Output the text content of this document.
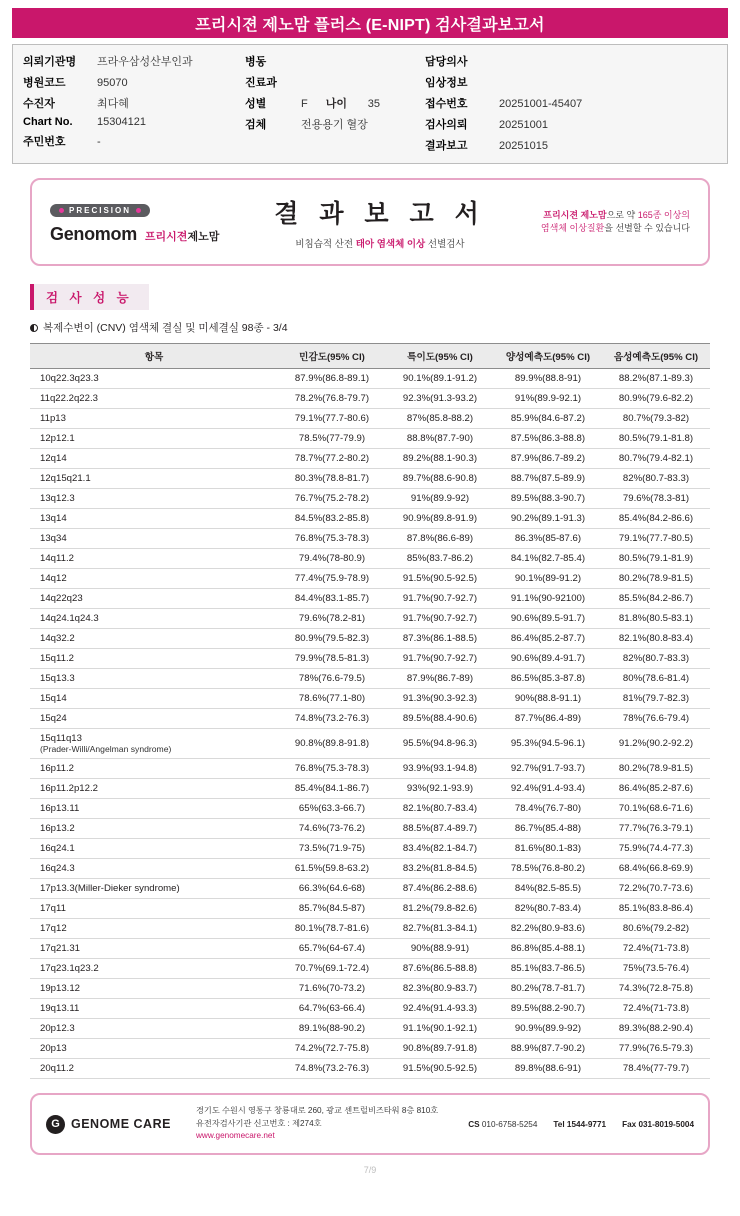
프리시젼 제노맘 플러스 (E-NIPT) 검사결과보고서
의뢰기관명	프라우삼성산부인과
병원코드	95070
수진자	최다혜
Chart No.	15304121
주민번호	-
병동
진료과
성별	F 나이	35
검체	전용용기 혈장
담당의사
임상정보
접수번호	20251001-45407
검사의뢰	20251001
결과보고	20251015
PRECISION
Genomom 프리시젼제노맘
결 과 보 고 서
비침습적 산전 태아 염색체 이상 선별검사
프리시젼 제노맘으로 약 165종 이상의
염색체 이상질환을 선별할 수 있습니다
검 사 성 능
복제수변이 (CNV) 염색체 결실 및 미세결실 98종 - 3/4
항목	민감도(95% CI)	특이도(95% CI)	양성예측도(95% CI)	음성예측도(95% CI)
10q22.3q23.3	87.9%(86.8-89.1)	90.1%(89.1-91.2)	89.9%(88.8-91)	88.2%(87.1-89.3)
11q22.2q22.3	78.2%(76.8-79.7)	92.3%(91.3-93.2)	91%(89.9-92.1)	80.9%(79.6-82.2)
11p13	79.1%(77.7-80.6)	87%(85.8-88.2)	85.9%(84.6-87.2)	80.7%(79.3-82)
12p12.1	78.5%(77-79.9)	88.8%(87.7-90)	87.5%(86.3-88.8)	80.5%(79.1-81.8)
12q14	78.7%(77.2-80.2)	89.2%(88.1-90.3)	87.9%(86.7-89.2)	80.7%(79.4-82.1)
12q15q21.1	80.3%(78.8-81.7)	89.7%(88.6-90.8)	88.7%(87.5-89.9)	82%(80.7-83.3)
13q12.3	76.7%(75.2-78.2)	91%(89.9-92)	89.5%(88.3-90.7)	79.6%(78.3-81)
13q14	84.5%(83.2-85.8)	90.9%(89.8-91.9)	90.2%(89.1-91.3)	85.4%(84.2-86.6)
13q34	76.8%(75.3-78.3)	87.8%(86.6-89)	86.3%(85-87.6)	79.1%(77.7-80.5)
14q11.2	79.4%(78-80.9)	85%(83.7-86.2)	84.1%(82.7-85.4)	80.5%(79.1-81.9)
14q12	77.4%(75.9-78.9)	91.5%(90.5-92.5)	90.1%(89-91.2)	80.2%(78.9-81.5)
14q22q23	84.4%(83.1-85.7)	91.7%(90.7-92.7)	91.1%(90-92100)	85.5%(84.2-86.7)
14q24.1q24.3	79.6%(78.2-81)	91.7%(90.7-92.7)	90.6%(89.5-91.7)	81.8%(80.5-83.1)
14q32.2	80.9%(79.5-82.3)	87.3%(86.1-88.5)	86.4%(85.2-87.7)	82.1%(80.8-83.4)
15q11.2	79.9%(78.5-81.3)	91.7%(90.7-92.7)	90.6%(89.4-91.7)	82%(80.7-83.3)
15q13.3	78%(76.6-79.5)	87.9%(86.7-89)	86.5%(85.3-87.8)	80%(78.6-81.4)
15q14	78.6%(77.1-80)	91.3%(90.3-92.3)	90%(88.8-91.1)	81%(79.7-82.3)
15q24	74.8%(73.2-76.3)	89.5%(88.4-90.6)	87.7%(86.4-89)	78%(76.6-79.4)
15q11q13
(Prader-Willi/Angelman syndrome)	90.8%(89.8-91.8)	95.5%(94.8-96.3)	95.3%(94.5-96.1)	91.2%(90.2-92.2)
16p11.2	76.8%(75.3-78.3)	93.9%(93.1-94.8)	92.7%(91.7-93.7)	80.2%(78.9-81.5)
16p11.2p12.2	85.4%(84.1-86.7)	93%(92.1-93.9)	92.4%(91.4-93.4)	86.4%(85.2-87.6)
16p13.11	65%(63.3-66.7)	82.1%(80.7-83.4)	78.4%(76.7-80)	70.1%(68.6-71.6)
16p13.2	74.6%(73-76.2)	88.5%(87.4-89.7)	86.7%(85.4-88)	77.7%(76.3-79.1)
16q24.1	73.5%(71.9-75)	83.4%(82.1-84.7)	81.6%(80.1-83)	75.9%(74.4-77.3)
16q24.3	61.5%(59.8-63.2)	83.2%(81.8-84.5)	78.5%(76.8-80.2)	68.4%(66.8-69.9)
17p13.3(Miller-Dieker syndrome)	66.3%(64.6-68)	87.4%(86.2-88.6)	84%(82.5-85.5)	72.2%(70.7-73.6)
17q11	85.7%(84.5-87)	81.2%(79.8-82.6)	82%(80.7-83.4)	85.1%(83.8-86.4)
17q12	80.1%(78.7-81.6)	82.7%(81.3-84.1)	82.2%(80.9-83.6)	80.6%(79.2-82)
17q21.31	65.7%(64-67.4)	90%(88.9-91)	86.8%(85.4-88.1)	72.4%(71-73.8)
17q23.1q23.2	70.7%(69.1-72.4)	87.6%(86.5-88.8)	85.1%(83.7-86.5)	75%(73.5-76.4)
19p13.12	71.6%(70-73.2)	82.3%(80.9-83.7)	80.2%(78.7-81.7)	74.3%(72.8-75.8)
19q13.11	64.7%(63-66.4)	92.4%(91.4-93.3)	89.5%(88.2-90.7)	72.4%(71-73.8)
20p12.3	89.1%(88-90.2)	91.1%(90.1-92.1)	90.9%(89.9-92)	89.3%(88.2-90.4)
20p13	74.2%(72.7-75.8)	90.8%(89.7-91.8)	88.9%(87.7-90.2)	77.9%(76.5-79.3)
20q11.2	74.8%(73.2-76.3)	91.5%(90.5-92.5)	89.8%(88.6-91)	78.4%(77-79.7)
G GENOME CARE
경기도 수원시 영통구 창룡대로 260, 광교 센트럴비즈타워 8층 810호
유전자검사기관 신고번호 : 제274호
www.genomecare.net
CS 010-6758-5254 Tel 1544-9771 Fax 031-8019-5004
7/9
